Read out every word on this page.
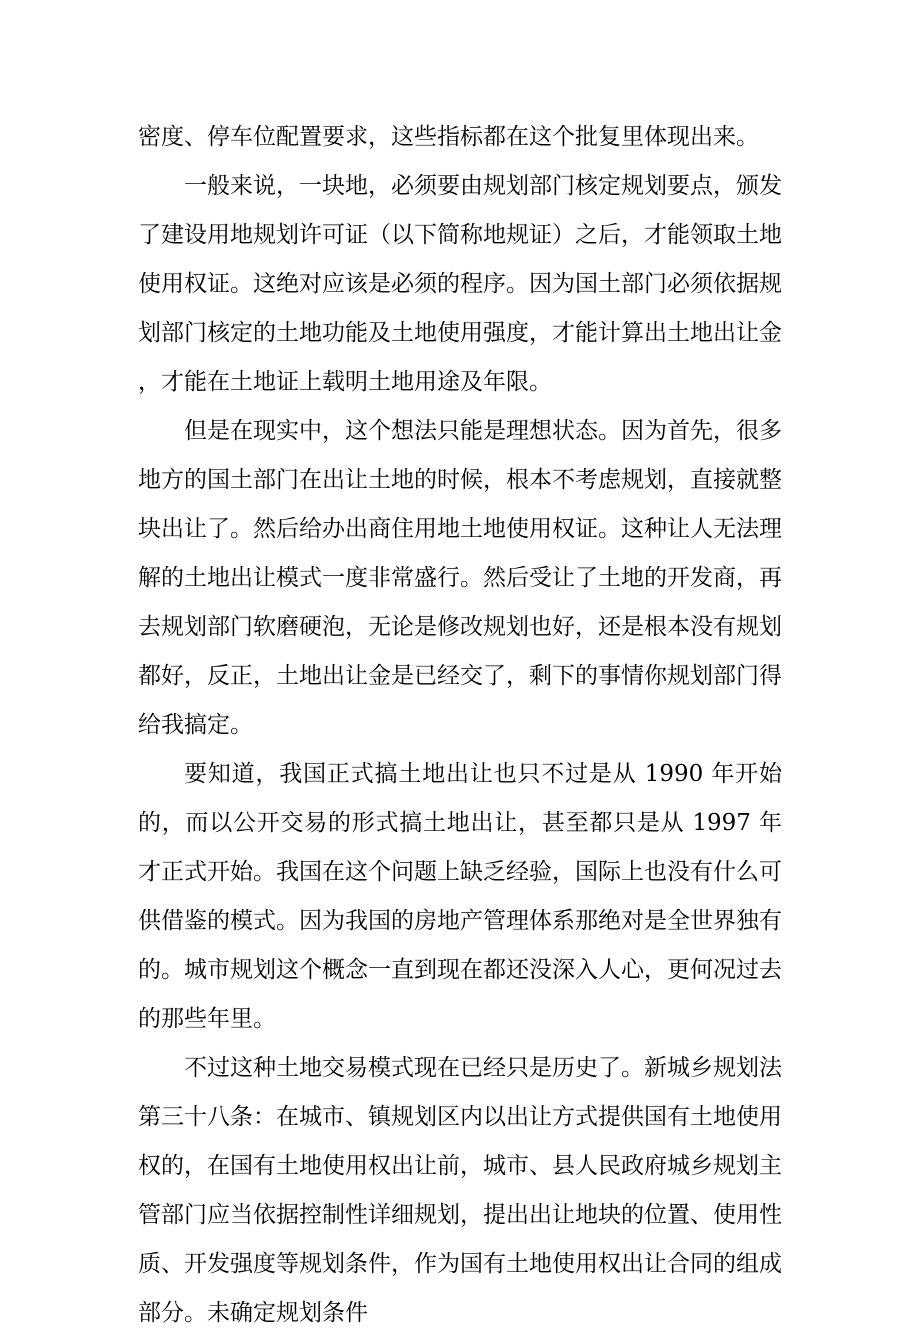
密度、停车位配置要求，这些指标都在这个批复里体现出来。

一般来说，一块地，必须要由规划部门核定规划要点，颁发了建设用地规划许可证（以下简称地规证）之后，才能领取土地使用权证。这绝对应该是必须的程序。因为国土部门必须依据规划部门核定的土地功能及土地使用强度，才能计算出土地出让金，才能在土地证上载明土地用途及年限。

但是在现实中，这个想法只能是理想状态。因为首先，很多地方的国土部门在出让土地的时候，根本不考虑规划，直接就整块出让了。然后给办出商住用地土地使用权证。这种让人无法理解的土地出让模式一度非常盛行。然后受让了土地的开发商，再去规划部门软磨硬泡，无论是修改规划也好，还是根本没有规划都好，反正，土地出让金是已经交了，剩下的事情你规划部门得给我搞定。

要知道，我国正式搞土地出让也只不过是从 1990 年开始的，而以公开交易的形式搞土地出让，甚至都只是从 1997 年才正式开始。我国在这个问题上缺乏经验，国际上也没有什么可供借鉴的模式。因为我国的房地产管理体系那绝对是全世界独有的。城市规划这个概念一直到现在都还没深入人心，更何况过去的那些年里。

不过这种土地交易模式现在已经只是历史了。新城乡规划法第三十八条：在城市、镇规划区内以出让方式提供国有土地使用权的，在国有土地使用权出让前，城市、县人民政府城乡规划主管部门应当依据控制性详细规划，提出出让地块的位置、使用性质、开发强度等规划条件，作为国有土地使用权出让合同的组成部分。未确定规划条件
